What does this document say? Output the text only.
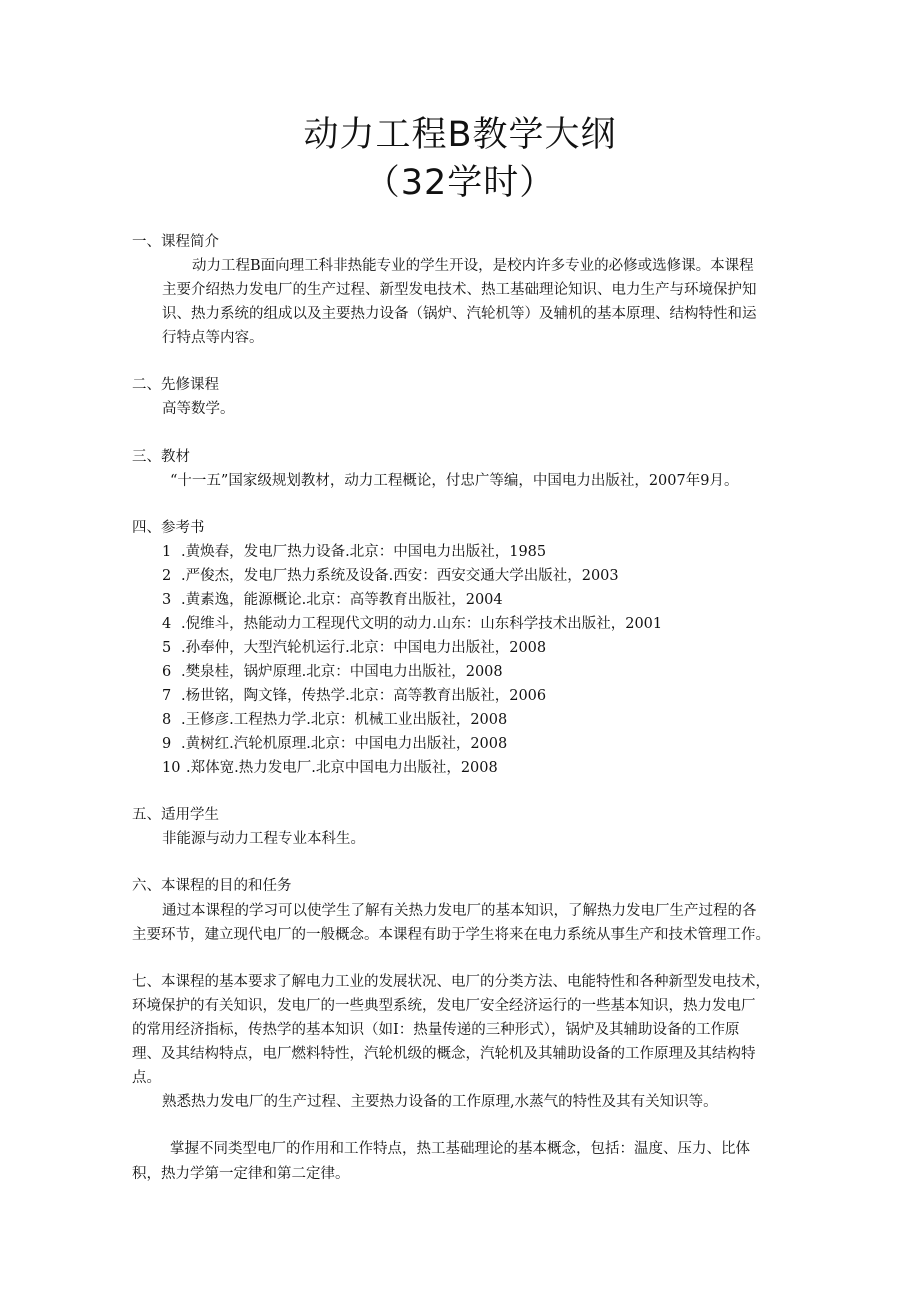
动力工程B教学大纲
（32学时）
一、课程简介
动力工程B面向理工科非热能专业的学生开设，是校内许多专业的必修或选修课。本课程
主要介绍热力发电厂的生产过程、新型发电技术、热工基础理论知识、电力生产与环境保护知
识、热力系统的组成以及主要热力设备（锅炉、汽轮机等）及辅机的基本原理、结构特性和运
行特点等内容。
二、先修课程
高等数学。
三、教材
“十一五”国家级规划教材，动力工程概论，付忠广等编，中国电力出版社，2007年9月。
四、参考书
1 .黄焕春，发电厂热力设备.北京：中国电力出版社，1985
2 .严俊杰，发电厂热力系统及设备.西安：西安交通大学出版社，2003
3 .黄素逸，能源概论.北京：高等教育出版社，2004
4 .倪维斗，热能动力工程现代文明的动力.山东：山东科学技术出版社，2001
5 .孙奉仲，大型汽轮机运行.北京：中国电力出版社，2008
6 .樊泉桂，锅炉原理.北京：中国电力出版社，2008
7 .杨世铭，陶文锋，传热学.北京：高等教育出版社，2006
8 .王修彦.工程热力学.北京：机械工业出版社，2008
9 .黄树红.汽轮机原理.北京：中国电力出版社，2008
10 .郑体宽.热力发电厂.北京中国电力出版社，2008
五、适用学生
非能源与动力工程专业本科生。
六、本课程的目的和任务
通过本课程的学习可以使学生了解有关热力发电厂的基本知识，了解热力发电厂生产过程的各
主要环节，建立现代电厂的一般概念。本课程有助于学生将来在电力系统从事生产和技术管理工作。
七、本课程的基本要求了解电力工业的发展状况、电厂的分类方法、电能特性和各种新型发电技术，
环境保护的有关知识，发电厂的一些典型系统，发电厂安全经济运行的一些基本知识，热力发电厂
的常用经济指标，传热学的基本知识（如I：热量传递的三种形式），锅炉及其辅助设备的工作原
理、及其结构特点，电厂燃料特性，汽轮机级的概念，汽轮机及其辅助设备的工作原理及其结构特
点。
熟悉热力发电厂的生产过程、主要热力设备的工作原理,水蒸气的特性及其有关知识等。
掌握不同类型电厂的作用和工作特点，热工基础理论的基本概念，包括：温度、压力、比体
积，热力学第一定律和第二定律。
